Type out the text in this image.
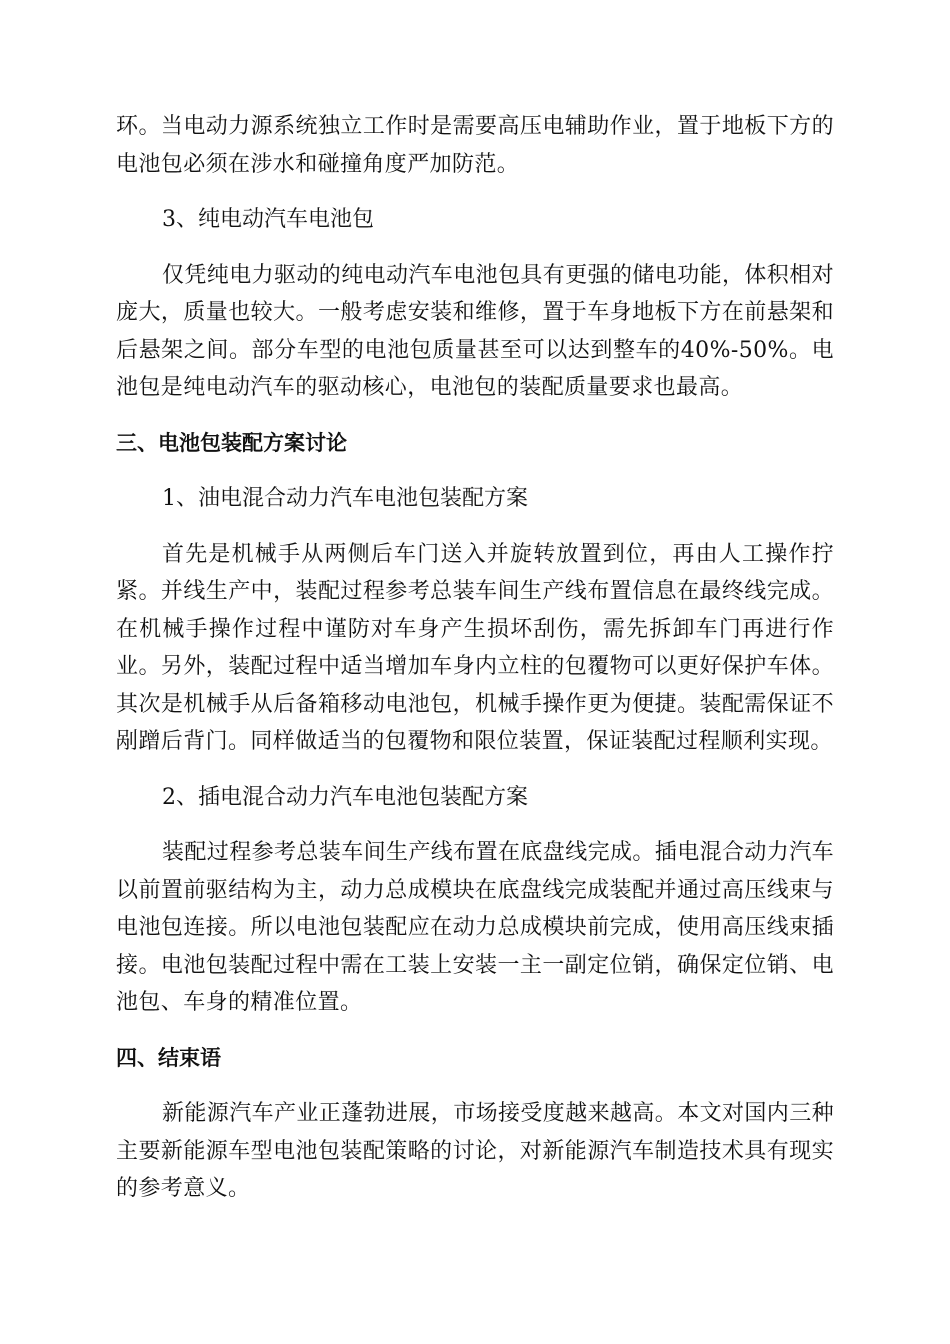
环。当电动力源系统独立工作时是需要高压电辅助作业，置于地板下方的电池包必须在涉水和碰撞角度严加防范。

3、纯电动汽车电池包

仅凭纯电力驱动的纯电动汽车电池包具有更强的储电功能，体积相对庞大，质量也较大。一般考虑安装和维修，置于车身地板下方在前悬架和后悬架之间。部分车型的电池包质量甚至可以达到整车的40%-50%。电池包是纯电动汽车的驱动核心，电池包的装配质量要求也最高。

三、电池包装配方案讨论

1、油电混合动力汽车电池包装配方案

首先是机械手从两侧后车门送入并旋转放置到位，再由人工操作拧紧。并线生产中，装配过程参考总装车间生产线布置信息在最终线完成。在机械手操作过程中谨防对车身产生损坏刮伤，需先拆卸车门再进行作业。另外，装配过程中适当增加车身内立柱的包覆物可以更好保护车体。其次是机械手从后备箱移动电池包，机械手操作更为便捷。装配需保证不剐蹭后背门。同样做适当的包覆物和限位装置，保证装配过程顺利实现。

2、插电混合动力汽车电池包装配方案

装配过程参考总装车间生产线布置在底盘线完成。插电混合动力汽车以前置前驱结构为主，动力总成模块在底盘线完成装配并通过高压线束与电池包连接。所以电池包装配应在动力总成模块前完成，使用高压线束插接。电池包装配过程中需在工装上安装一主一副定位销，确保定位销、电池包、车身的精准位置。

四、结束语

新能源汽车产业正蓬勃进展，市场接受度越来越高。本文对国内三种主要新能源车型电池包装配策略的讨论，对新能源汽车制造技术具有现实的参考意义。
